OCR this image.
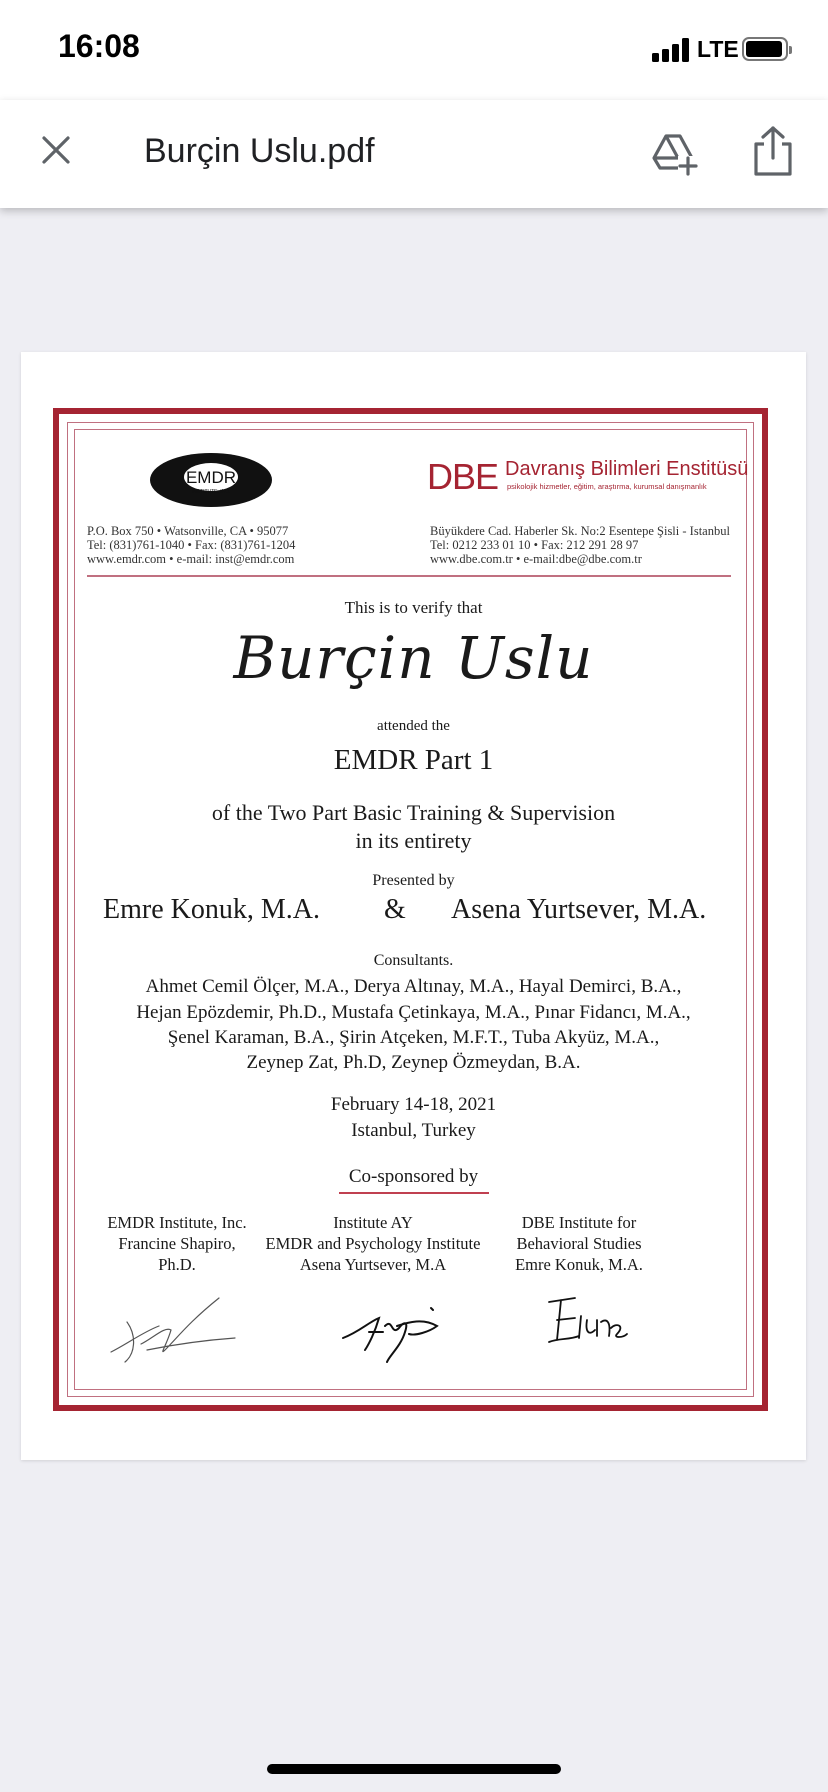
16:08	LTE
Burçin Uslu.pdf
EMDR
INSTITUTE, INC.	DBE Davranış Bilimleri Enstitüsü
psikolojik hizmetler, eğitim, araştırma, kurumsal danışmanlık
P.O. Box 750 • Watsonville, CA • 95077
Tel: (831)761-1040 • Fax: (831)761-1204
www.emdr.com • e-mail: inst@emdr.com
Büyükdere Cad. Haberler Sk. No:2 Esentepe Şisli - Istanbul
Tel: 0212 233 01 10 • Fax: 212 291 28 97
www.dbe.com.tr • e-mail:dbe@dbe.com.tr
This is to verify that
Burçin Uslu
attended the
EMDR Part 1
of the Two Part Basic Training & Supervision
in its entirety
Presented by
Emre Konuk, M.A. & Asena Yurtsever, M.A.
Consultants.
Ahmet Cemil Ölçer, M.A., Derya Altınay, M.A., Hayal Demirci, B.A.,
Hejan Epözdemir, Ph.D., Mustafa Çetinkaya, M.A., Pınar Fidancı, M.A.,
Şenel Karaman, B.A., Şirin Atçeken, M.F.T., Tuba Akyüz, M.A.,
Zeynep Zat, Ph.D, Zeynep Özmeydan, B.A.
February 14-18, 2021
Istanbul, Turkey
Co-sponsored by
EMDR Institute, Inc.
Francine Shapiro,
Ph.D.
Institute AY
EMDR and Psychology Institute
Asena Yurtsever, M.A
DBE Institute for
Behavioral Studies
Emre Konuk, M.A.
